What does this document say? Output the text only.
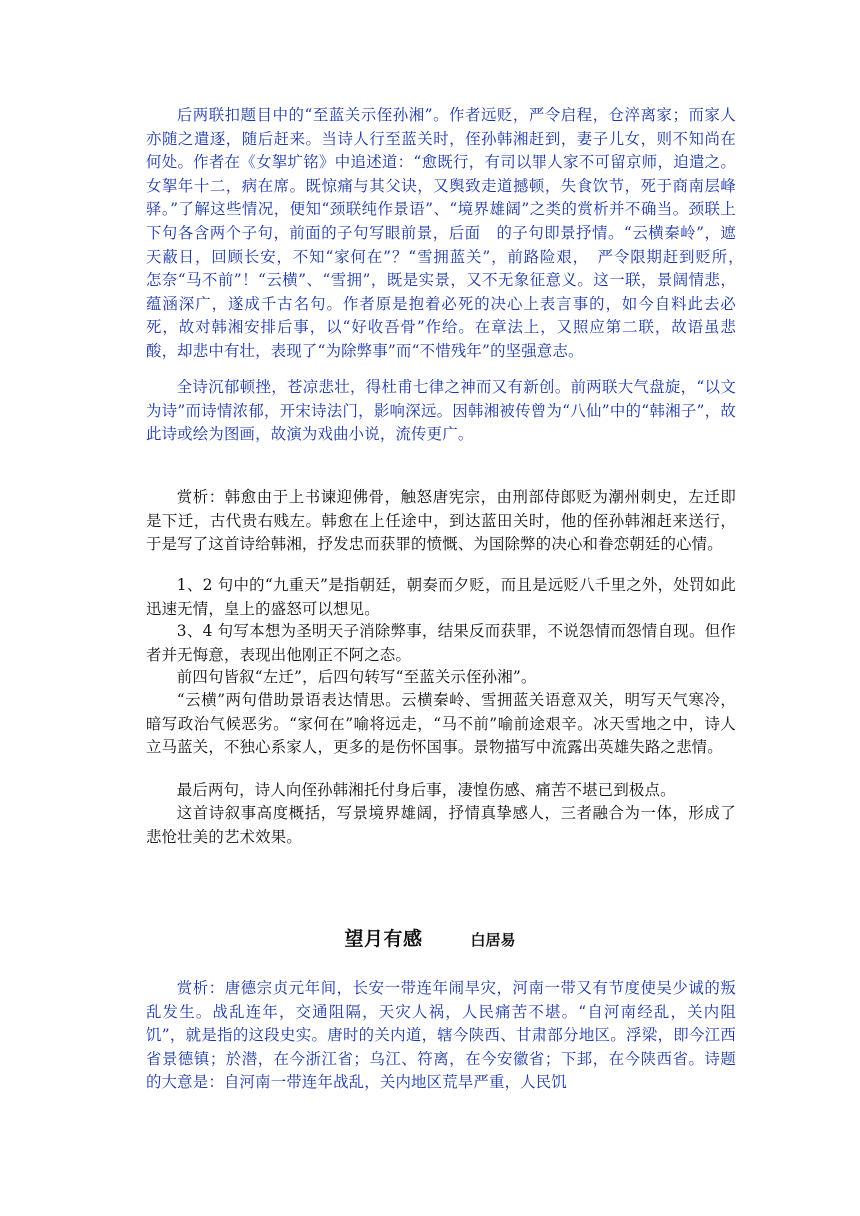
后两联扣题目中的“至蓝关示侄孙湘”。作者远贬，严令启程，仓淬离家；而家人亦随之遣逐，随后赶来。当诗人行至蓝关时，侄孙韩湘赶到，妻子儿女，则不知尚在何处。作者在《女挐圹铭》中追述道：“愈既行，有司以罪人家不可留京师，迫遣之。女挐年十二，病在席。既惊痛与其父诀，又舆致走道撼顿，失食饮节，死于商南层峰驿。”了解这些情况，便知“颈联纯作景语”、“境界雄阔”之类的赏析并不确当。颈联上下句各含两个子句，前面的子句写眼前景，后面　的子句即景抒情。“云横秦岭”，遮天蔽日，回顾长安，不知“家何在”？“雪拥蓝关”，前路险艰，　严令限期赶到贬所，　怎奈“马不前”！“云横”、“雪拥”，既是实景，又不无象征意义。这一联，景阔情悲，蕴涵深广，遂成千古名句。作者原是抱着必死的决心上表言事的，如今自料此去必死，故对韩湘安排后事，以“好收吾骨”作给。在章法上，又照应第二联，故语虽悲酸，却悲中有壮，表现了“为除弊事”而“不惜残年”的坚强意志。

全诗沉郁顿挫，苍凉悲壮，得杜甫七律之神而又有新创。前两联大气盘旋，“以文为诗”而诗情浓郁，开宋诗法门，影响深远。因韩湘被传曾为“八仙”中的“韩湘子”，故此诗或绘为图画，故演为戏曲小说，流传更广。

赏析：韩愈由于上书谏迎佛骨，触怒唐宪宗，由刑部侍郎贬为潮州刺史，左迁即是下迁，古代贵右贱左。韩愈在上任途中，到达蓝田关时，他的侄孙韩湘赶来送行，于是写了这首诗给韩湘，抒发忠而获罪的愤慨、为国除弊的决心和眷恋朝廷的心情。

1、2 句中的“九重天”是指朝廷，朝奏而夕贬，而且是远贬八千里之外，处罚如此迅速无情，皇上的盛怒可以想见。

3、4 句写本想为圣明天子消除弊事，结果反而获罪，不说怨情而怨情自现。但作者并无悔意，表现出他刚正不阿之态。

前四句皆叙“左迁”，后四句转写“至蓝关示侄孙湘”。

“云横”两句借助景语表达情思。云横秦岭、雪拥蓝关语意双关，明写天气寒冷，暗写政治气候恶劣。“家何在”喻将远走，“马不前”喻前途艰辛。冰天雪地之中，诗人立马蓝关，不独心系家人，更多的是伤怀国事。景物描写中流露出英雄失路之悲情。

最后两句，诗人向侄孙韩湘托付身后事，凄惶伤感、痛苦不堪已到极点。

这首诗叙事高度概括，写景境界雄阔，抒情真挚感人，三者融合为一体，形成了悲怆壮美的艺术效果。

望月有感	白居易

赏析：唐德宗贞元年间，长安一带连年闹旱灾，河南一带又有节度使吴少诚的叛乱发生。战乱连年，交通阻隔，天灾人祸，人民痛苦不堪。“自河南经乱，关内阻饥”，就是指的这段史实。唐时的关内道，辖今陕西、甘肃部分地区。浮梁，即今江西省景德镇；於潜，在今浙江省；乌江、符离，在今安徽省；下邽，在今陕西省。诗题的大意是：自河南一带连年战乱，关内地区荒旱严重，人民饥
